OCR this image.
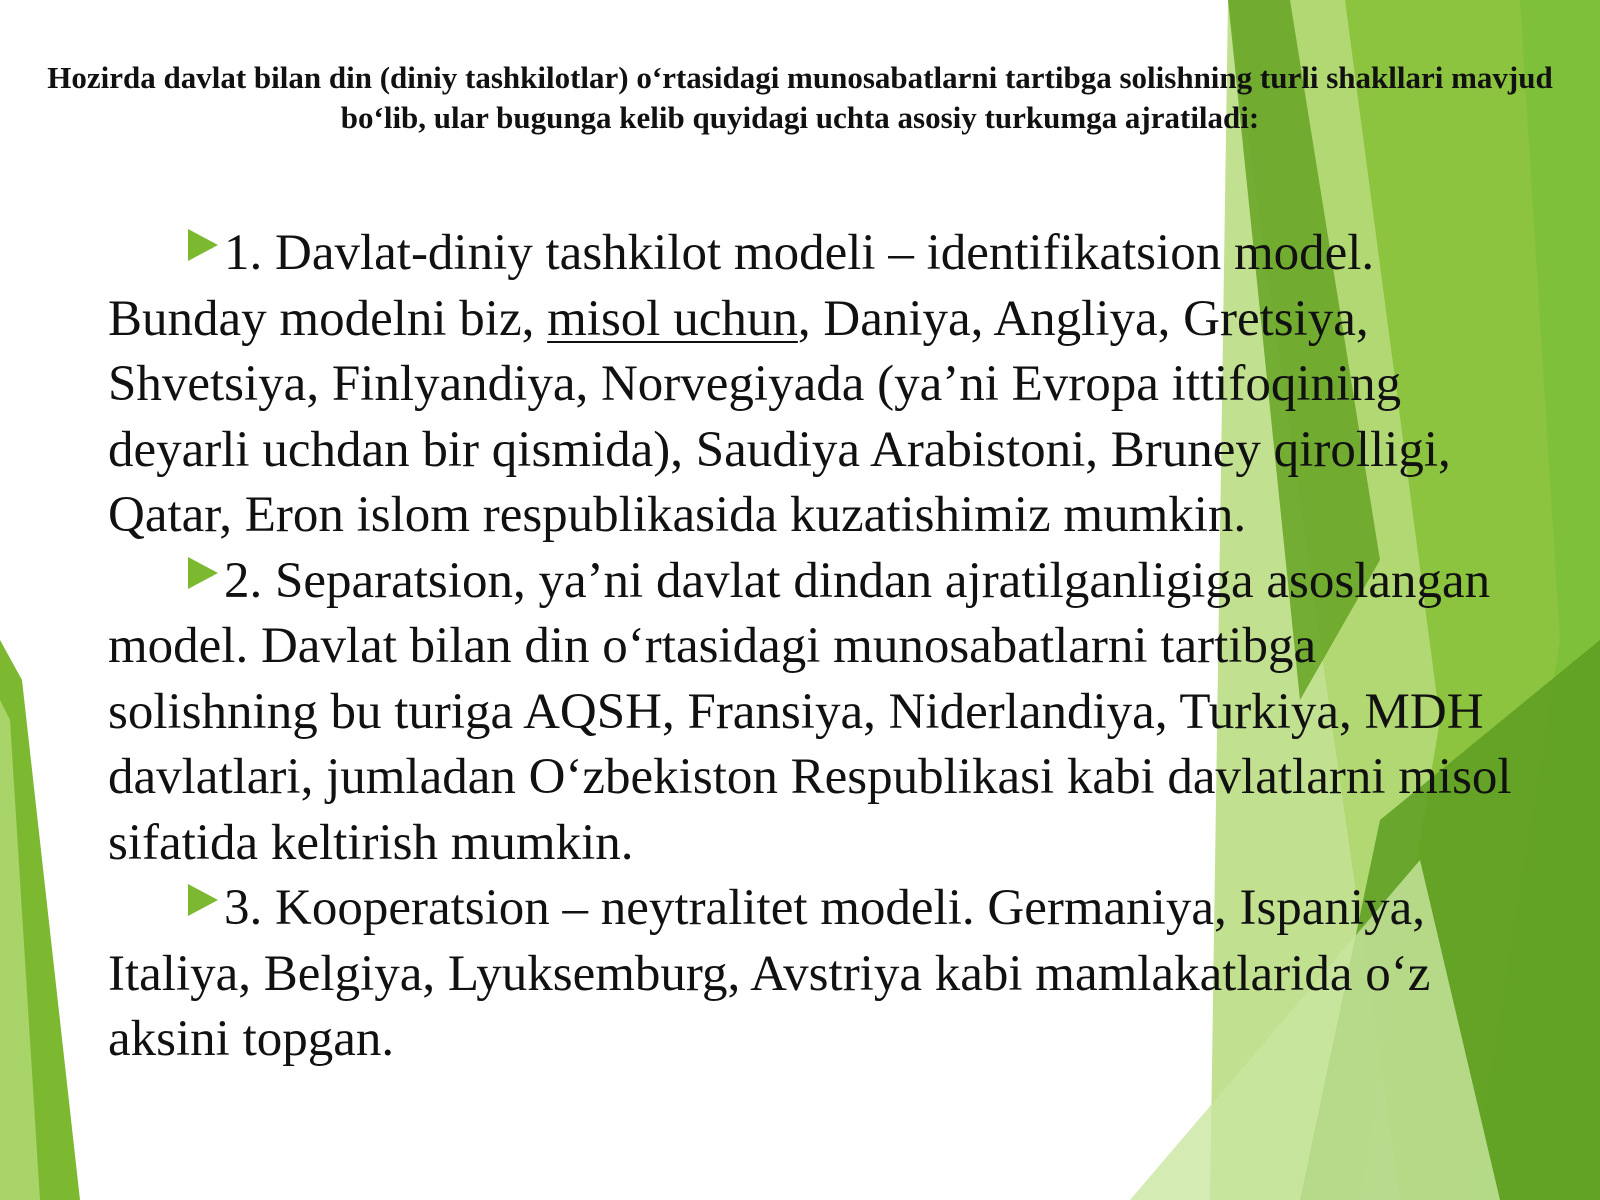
Hozirda davlat bilan din (diniy tashkilotlar) o‘rtasidagi munosabatlarni tartibga solishning turli shakllari mavjud bo‘lib, ular bugunga kelib quyidagi uchta asosiy turkumga ajratiladi:

1. Davlat-diniy tashkilot modeli – identifikatsion model. Bunday modelni biz, misol uchun, Daniya, Angliya, Gretsiya, Shvetsiya, Finlyandiya, Norvegiyada (ya’ni Evropa ittifoqining deyarli uchdan bir qismida), Saudiya Arabistoni, Bruney qirolligi, Qatar, Eron islom respublikasida kuzatishimiz mumkin.

2. Separatsion, ya’ni davlat dindan ajratilganligiga asoslangan model. Davlat bilan din o‘rtasidagi munosabatlarni tartibga solishning bu turiga AQSH, Fransiya, Niderlandiya, Turkiya, MDH davlatlari, jumladan O‘zbekiston Respublikasi kabi davlatlarni misol sifatida keltirish mumkin.

3. Kooperatsion – neytralitet modeli. Germaniya, Ispaniya, Italiya, Belgiya, Lyuksemburg, Avstriya kabi mamlakatlarida o‘z aksini topgan.
